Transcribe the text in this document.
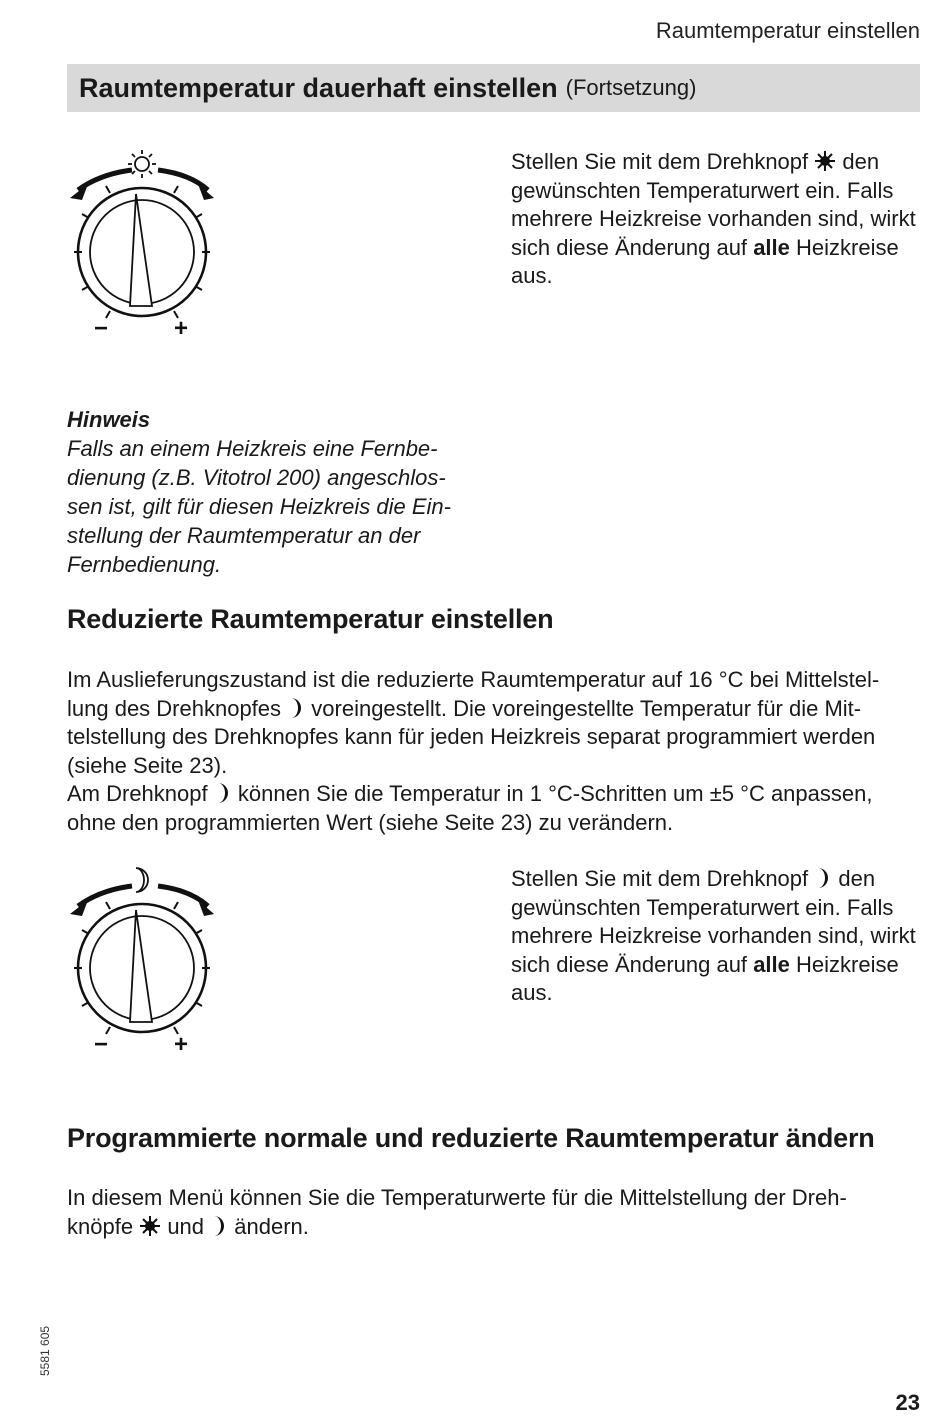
Raumtemperatur einstellen
Raumtemperatur dauerhaft einstellen (Fortsetzung)
−	+
Stellen Sie mit dem Drehknopf den gewünschten Temperaturwert ein. Falls mehrere Heizkreise vorhanden sind, wirkt sich diese Änderung auf alle Heizkreise aus.
Hinweis
Falls an einem Heizkreis eine Fernbe-
dienung (z.B. Vitotrol 200) angeschlos-
sen ist, gilt für diesen Heizkreis die Ein-
stellung der Raumtemperatur an der
Fernbedienung.
Reduzierte Raumtemperatur einstellen
Im Auslieferungszustand ist die reduzierte Raumtemperatur auf 16 °C bei Mittelstel-
lung des Drehknopfes voreingestellt. Die voreingestellte Temperatur für die Mit-
telstellung des Drehknopfes kann für jeden Heizkreis separat programmiert werden
(siehe Seite 23).
Am Drehknopf können Sie die Temperatur in 1 °C-Schritten um ±5 °C anpassen,
ohne den programmierten Wert (siehe Seite 23) zu verändern.
−	+
Stellen Sie mit dem Drehknopf den gewünschten Temperaturwert ein. Falls mehrere Heizkreise vorhanden sind, wirkt sich diese Änderung auf alle Heizkreise aus.
Programmierte normale und reduzierte Raumtemperatur ändern
In diesem Menü können Sie die Temperaturwerte für die Mittelstellung der Dreh-
knöpfe und ändern.
5581 605
23
